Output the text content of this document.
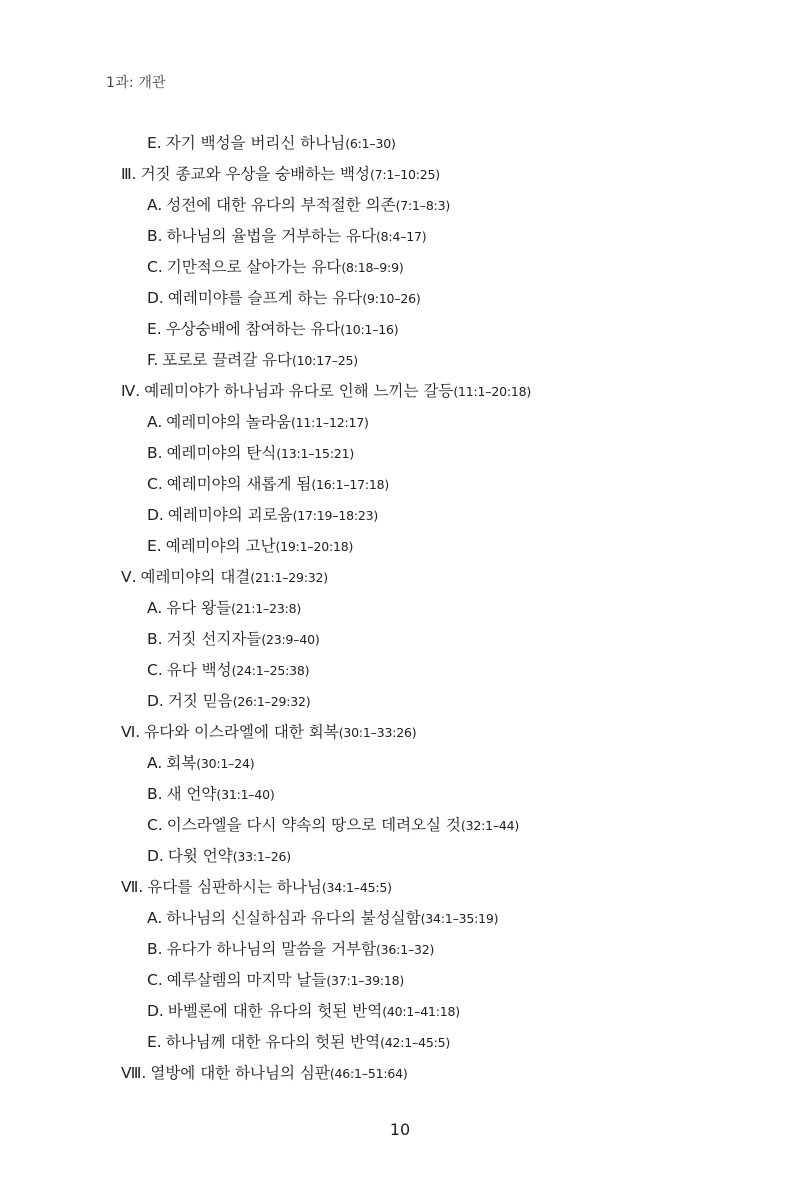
1과: 개관
E. 자기 백성을 버리신 하나님(6:1–30)
Ⅲ. 거짓 종교와 우상을 숭배하는 백성(7:1–10:25)
A. 성전에 대한 유다의 부적절한 의존(7:1–8:3)
B. 하나님의 율법을 거부하는 유다(8:4–17)
C. 기만적으로 살아가는 유다(8:18–9:9)
D. 예레미야를 슬프게 하는 유다(9:10–26)
E. 우상숭배에 참여하는 유다(10:1–16)
F. 포로로 끌려갈 유다(10:17–25)
Ⅳ. 예레미야가 하나님과 유다로 인해 느끼는 갈등(11:1–20:18)
A. 예레미야의 놀라움(11:1–12:17)
B. 예레미야의 탄식(13:1–15:21)
C. 예레미야의 새롭게 됨(16:1–17:18)
D. 예레미야의 괴로움(17:19–18:23)
E. 예레미야의 고난(19:1–20:18)
Ⅴ. 예레미야의 대결(21:1–29:32)
A. 유다 왕들(21:1–23:8)
B. 거짓 선지자들(23:9–40)
C. 유다 백성(24:1–25:38)
D. 거짓 믿음(26:1–29:32)
Ⅵ. 유다와 이스라엘에 대한 회복(30:1–33:26)
A. 회복(30:1–24)
B. 새 언약(31:1–40)
C. 이스라엘을 다시 약속의 땅으로 데려오실 것(32:1–44)
D. 다윗 언약(33:1–26)
Ⅶ. 유다를 심판하시는 하나님(34:1–45:5)
A. 하나님의 신실하심과 유다의 불성실함(34:1–35:19)
B. 유다가 하나님의 말씀을 거부함(36:1–32)
C. 예루살렘의 마지막 날들(37:1–39:18)
D. 바벨론에 대한 유다의 헛된 반역(40:1–41:18)
E. 하나님께 대한 유다의 헛된 반역(42:1–45:5)
Ⅷ. 열방에 대한 하나님의 심판(46:1–51:64)
10
